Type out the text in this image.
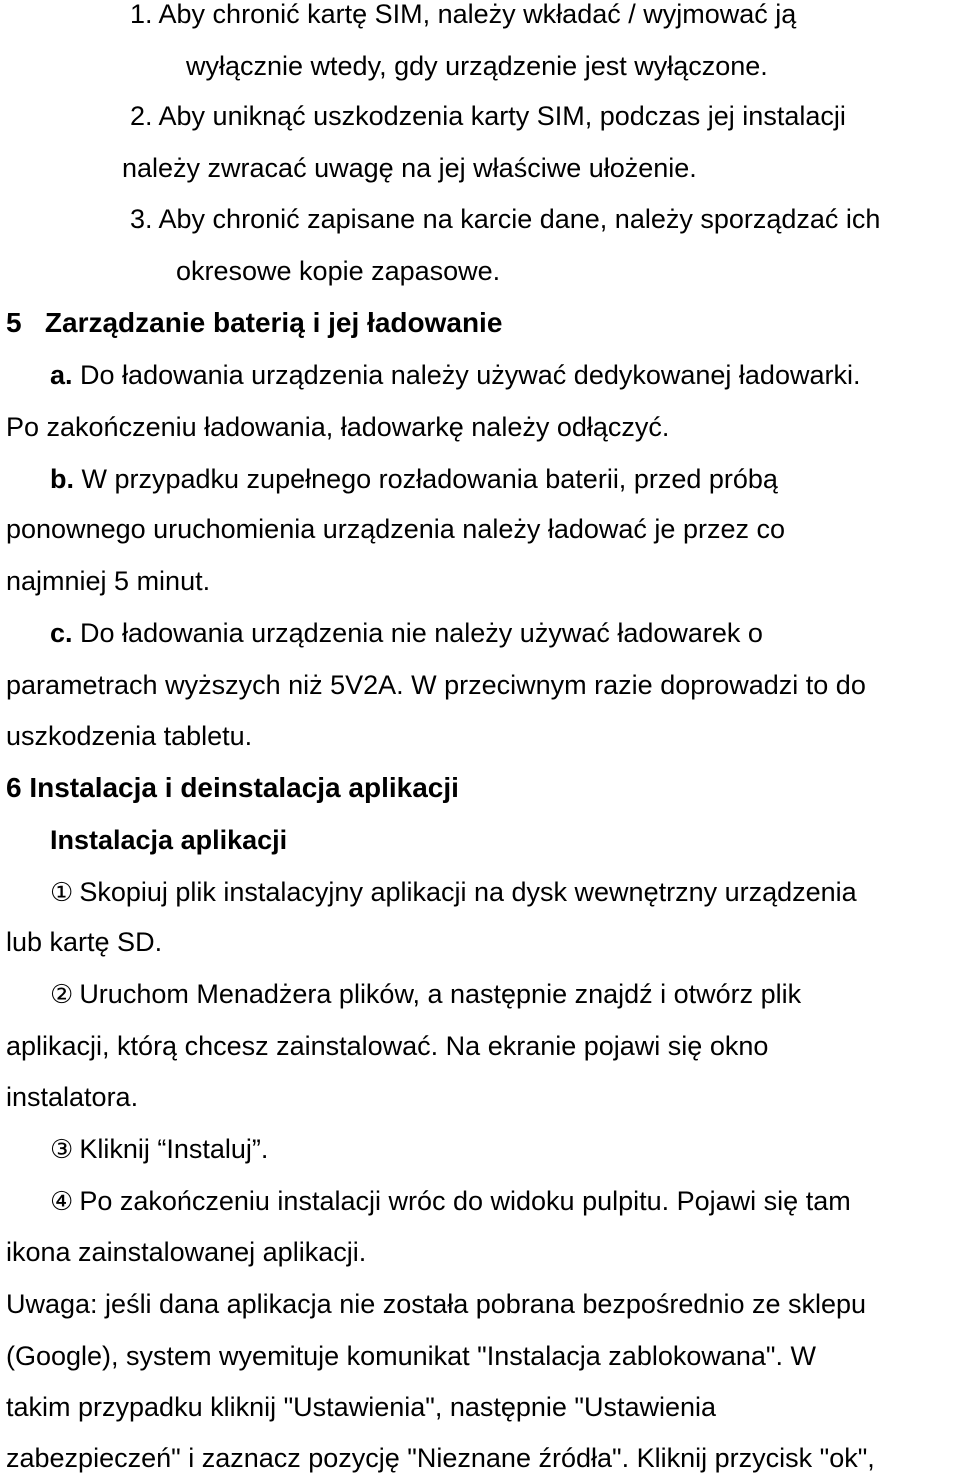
1. Aby chronić kartę SIM, należy wkładać / wyjmować ją
wyłącznie wtedy, gdy urządzenie jest wyłączone.
2. Aby uniknąć uszkodzenia karty SIM, podczas jej instalacji
należy zwracać uwagę na jej właściwe ułożenie.
3. Aby chronić zapisane na karcie dane, należy sporządzać ich
okresowe kopie zapasowe.
5   Zarządzanie baterią i jej ładowanie
a. Do ładowania urządzenia należy używać dedykowanej ładowarki.
Po zakończeniu ładowania, ładowarkę należy odłączyć.
b. W przypadku zupełnego rozładowania baterii, przed próbą
ponownego uruchomienia urządzenia należy ładować je przez co
najmniej 5 minut.
c. Do ładowania urządzenia nie należy używać ładowarek o
parametrach wyższych niż 5V2A. W przeciwnym razie doprowadzi to do
uszkodzenia tabletu.
6 Instalacja i deinstalacja aplikacji
Instalacja aplikacji
① Skopiuj plik instalacyjny aplikacji na dysk wewnętrzny urządzenia
lub kartę SD.
② Uruchom Menadżera plików, a następnie znajdź i otwórz plik
aplikacji, którą chcesz zainstalować. Na ekranie pojawi się okno
instalatora.
③ Kliknij “Instaluj”.
④ Po zakończeniu instalacji wróc do widoku pulpitu. Pojawi się tam
ikona zainstalowanej aplikacji.
Uwaga: jeśli dana aplikacja nie została pobrana bezpośrednio ze sklepu
(Google), system wyemituje komunikat "Instalacja zablokowana". W
takim przypadku kliknij "Ustawienia", następnie "Ustawienia
zabezpieczeń" i zaznacz pozycję "Nieznane źródła". Kliknij przycisk "ok",
